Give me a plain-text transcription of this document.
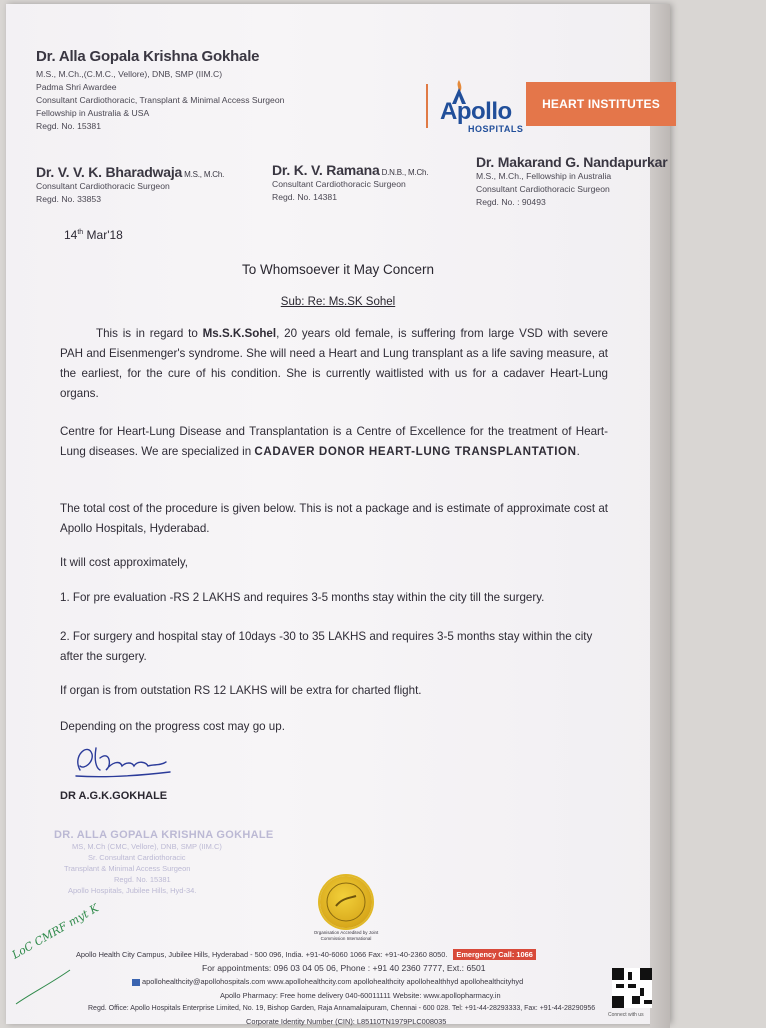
Dr. Alla Gopala Krishna Gokhale
M.S., M.Ch.,(C.M.C., Vellore), DNB, SMP (IIM.C)
Padma Shri Awardee
Consultant Cardiothoracic, Transplant & Minimal Access Surgeon
Fellowship in Australia & USA
Regd. No. 15381
Apollo
HOSPITALS
HEART INSTITUTES
Dr. V. V. K. Bharadwaja M.S., M.Ch.
Consultant Cardiothoracic Surgeon
Regd. No. 33853
Dr. K. V. Ramana D.N.B., M.Ch.
Consultant Cardiothoracic Surgeon
Regd. No. 14381
Dr. Makarand G. Nandapurkar
M.S., M.Ch., Fellowship in Australia
Consultant Cardiothoracic Surgeon
Regd. No. : 90493
14th Mar'18
To Whomsoever it May Concern
Sub: Re: Ms.SK Sohel
This is in regard to Ms.S.K.Sohel, 20 years old female, is suffering from large VSD with severe PAH and Eisenmenger's syndrome. She will need a Heart and Lung transplant as a life saving measure, at the earliest, for the cure of his condition. She is currently waitlisted with us for a cadaver Heart-Lung organs.
Centre for Heart-Lung Disease and Transplantation is a Centre of Excellence for the treatment of Heart-Lung diseases. We are specialized in CADAVER DONOR HEART-LUNG TRANSPLANTATION.
The total cost of the procedure is given below. This is not a package and is estimate of approximate cost at Apollo Hospitals, Hyderabad.
It will cost approximately,
1. For pre evaluation -RS 2 LAKHS and requires 3-5 months stay within the city till the surgery.
2. For surgery and hospital stay of 10days -30 to 35 LAKHS and requires 3-5 months stay within the city after the surgery.
If organ is from outstation RS 12 LAKHS will be extra for charted flight.
Depending on the progress cost may go up.
DR A.G.K.GOKHALE
DR. ALLA GOPALA KRISHNA GOKHALE
MS, M.Ch (CMC, Vellore), DNB, SMP (IIM.C)
Sr. Consultant Cardiothoracic
Transplant & Minimal Access Surgeon
Regd. No. 15381
Apollo Hospitals, Jubilee Hills, Hyd-34.
Organisation Accredited by Joint Commission International
LoC CMRF myt K
Apollo Health City Campus, Jubilee Hills, Hyderabad - 500 096, India. +91-40-6060 1066 Fax: +91-40-2360 8050. Emergency Call: 1066
For appointments: 096 03 04 05 06, Phone : +91 40 2360 7777, Ext.: 6501
apollohealthcity@apollohospitals.com www.apollohealthcity.com apollohealthcity apollohealthhyd apollohealthcityhyd
Apollo Pharmacy: Free home delivery 040-60011111 Website: www.apollopharmacy.in
Regd. Office: Apollo Hospitals Enterprise Limited, No. 19, Bishop Garden, Raja Annamalaipuram, Chennai - 600 028. Tel: +91-44-28293333, Fax: +91-44-28290956
Corporate Identity Number (CIN): L85110TN1979PLC008035
Connect with us
